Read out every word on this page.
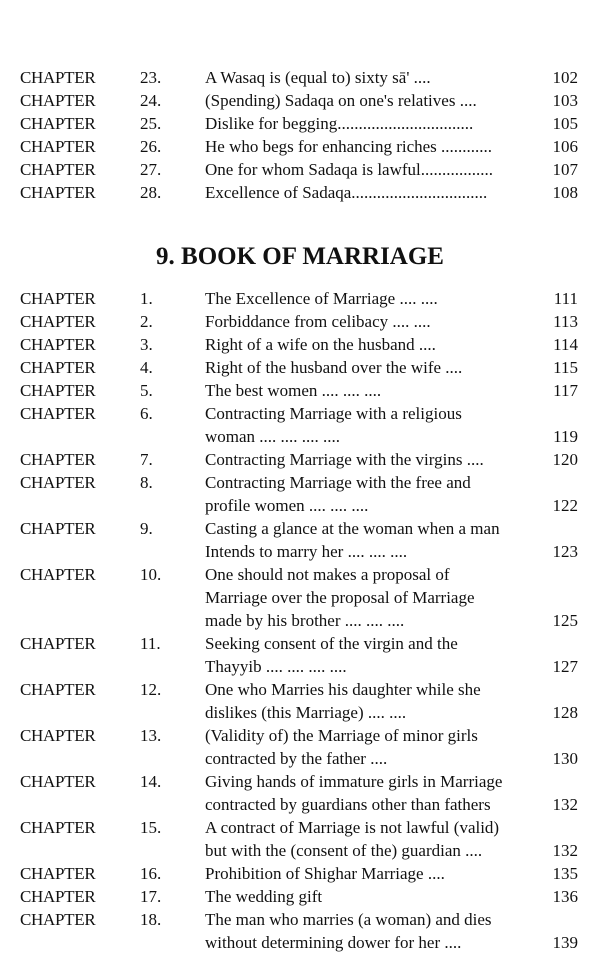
CHAPTER	23.	A Wasaq is (equal to) sixty sā' ....	102
CHAPTER	24.	(Spending) Sadaqa on one's relatives ....	103
CHAPTER	25.	Dislike for begging................................	105
CHAPTER	26.	He who begs for enhancing riches ............	106
CHAPTER	27.	One for whom Sadaqa is lawful.................	107
CHAPTER	28.	Excellence of Sadaqa................................	108
9. BOOK OF MARRIAGE
CHAPTER	1.	The Excellence of Marriage .... ....	111
CHAPTER	2.	Forbiddance from celibacy .... ....	113
CHAPTER	3.	Right of a wife on the husband ....	114
CHAPTER	4.	Right of the husband over the wife ....	115
CHAPTER	5.	The best women .... .... ....	117
CHAPTER	6.	Contracting Marriage with a religious
woman .... .... .... ....	119
CHAPTER	7.	Contracting Marriage with the virgins ....	120
CHAPTER	8.	Contracting Marriage with the free and
profile women .... .... ....	122
CHAPTER	9.	Casting a glance at the woman when a man
Intends to marry her .... .... ....	123
CHAPTER	10.	One should not makes a proposal of
Marriage over the proposal of Marriage
made by his brother .... .... ....	125
CHAPTER	11.	Seeking consent of the virgin and the
Thayyib .... .... .... ....	127
CHAPTER	12.	One who Marries his daughter while she
dislikes (this Marriage) .... ....	128
CHAPTER	13.	(Validity of) the Marriage of minor girls
contracted by the father ....	130
CHAPTER	14.	Giving hands of immature girls in Marriage
contracted by guardians other than fathers	132
CHAPTER	15.	A contract of Marriage is not lawful (valid)
but with the (consent of the) guardian ....	132
CHAPTER	16.	Prohibition of Shighar Marriage ....	135
CHAPTER	17.	The wedding gift	136
CHAPTER	18.	The man who marries (a woman) and dies
without determining dower for her ....	139
